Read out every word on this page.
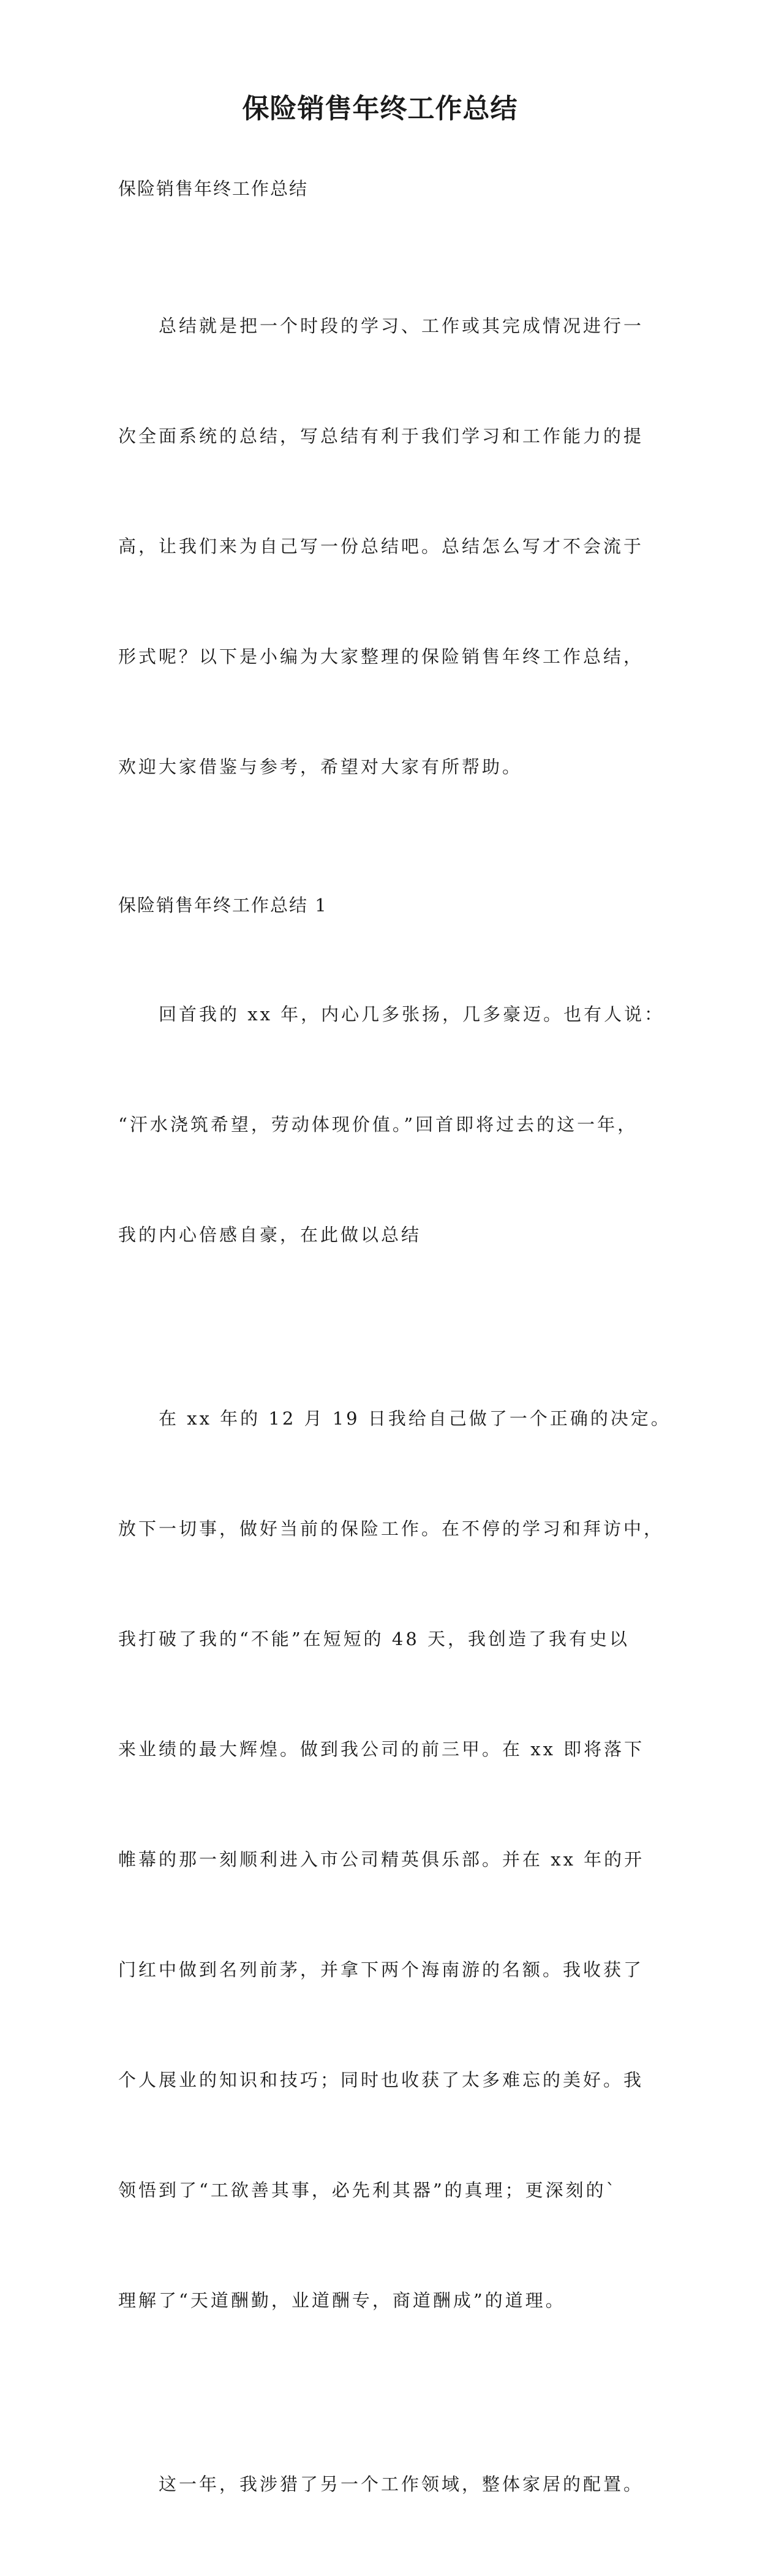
保险销售年终工作总结

保险销售年终工作总结

总结就是把一个时段的学习、工作或其完成情况进行一

次全面系统的总结，写总结有利于我们学习和工作能力的提

高，让我们来为自己写一份总结吧。总结怎么写才不会流于

形式呢？以下是小编为大家整理的保险销售年终工作总结，

欢迎大家借鉴与参考，希望对大家有所帮助。

保险销售年终工作总结 1

回首我的 xx 年，内心几多张扬，几多豪迈。也有人说：

“汗水浇筑希望，劳动体现价值。”回首即将过去的这一年，

我的内心倍感自豪，在此做以总结

在 xx 年的 12 月 19 日我给自己做了一个正确的决定。

放下一切事，做好当前的保险工作。在不停的学习和拜访中，

我打破了我的“不能”在短短的 48 天，我创造了我有史以

来业绩的最大辉煌。做到我公司的前三甲。在 xx 即将落下

帷幕的那一刻顺利进入市公司精英俱乐部。并在 xx 年的开

门红中做到名列前茅，并拿下两个海南游的名额。我收获了

个人展业的知识和技巧；同时也收获了太多难忘的美好。我

领悟到了“工欲善其事，必先利其器”的真理；更深刻的`

理解了“天道酬勤，业道酬专，商道酬成”的道理。

这一年，我涉猎了另一个工作领域，整体家居的配置。
